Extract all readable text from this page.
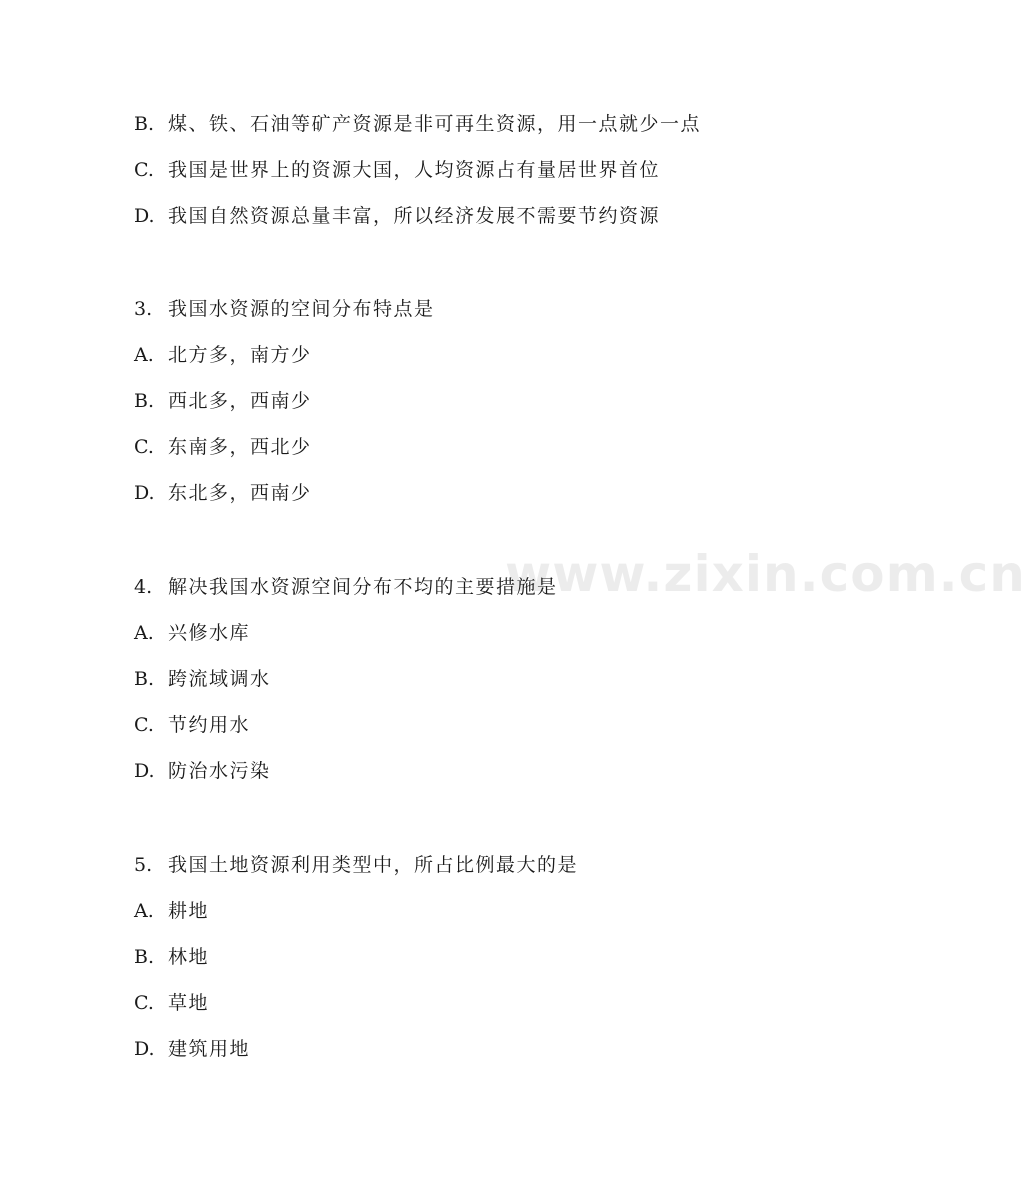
www.zixin.com.cn
B. 煤、铁、石油等矿产资源是非可再生资源，用一点就少一点
C. 我国是世界上的资源大国，人均资源占有量居世界首位
D. 我国自然资源总量丰富，所以经济发展不需要节约资源
3. 我国水资源的空间分布特点是
A. 北方多，南方少
B. 西北多，西南少
C. 东南多，西北少
D. 东北多，西南少
4. 解决我国水资源空间分布不均的主要措施是
A. 兴修水库
B. 跨流域调水
C. 节约用水
D. 防治水污染
5. 我国土地资源利用类型中，所占比例最大的是
A. 耕地
B. 林地
C. 草地
D. 建筑用地
